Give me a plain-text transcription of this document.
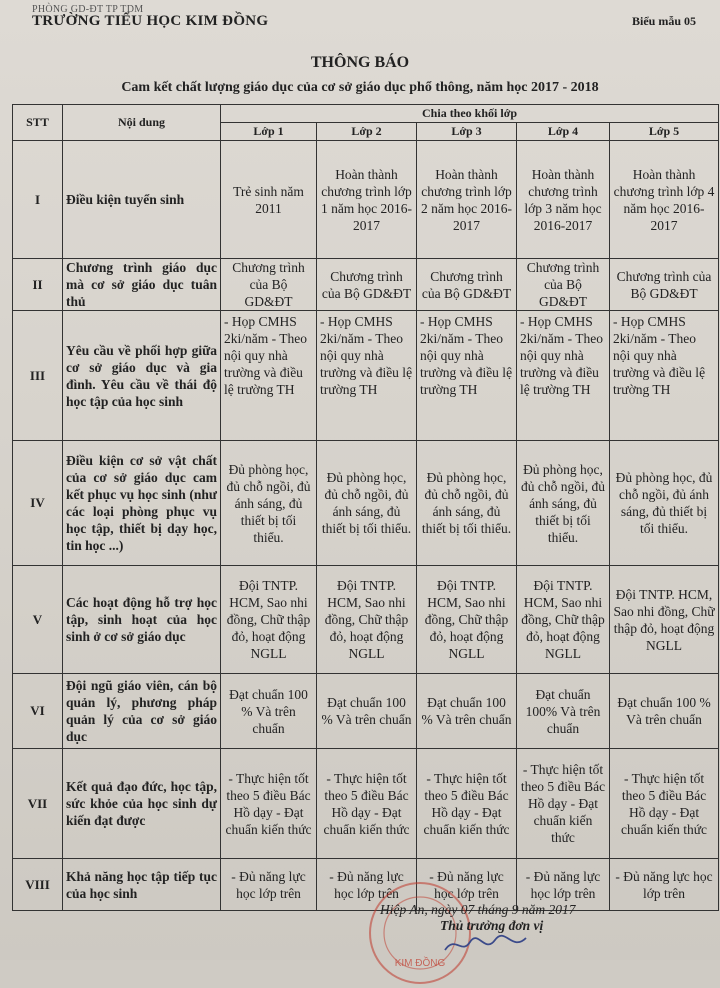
PHÒNG GD-ĐT TP TDM
TRƯỜNG TIỂU HỌC KIM ĐỒNG	Biểu mẫu 05
THÔNG BÁO
Cam kết chất lượng giáo dục của cơ sở giáo dục phổ thông, năm học 2017 - 2018
STT	Nội dung	Chia theo khối lớp				
		Lớp 1	Lớp 2	Lớp 3	Lớp 4	Lớp 5
I	Điều kiện tuyển sinh	Trẻ sinh năm 2011	Hoàn thành chương trình lớp 1 năm học 2016-2017	Hoàn thành chương trình lớp 2 năm học 2016-2017	Hoàn thành chương trình lớp 3 năm học 2016-2017	Hoàn thành chương trình lớp 4 năm học 2016-2017
II	Chương trình giáo dục mà cơ sở giáo dục tuân thủ	Chương trình của Bộ GD&ĐT	Chương trình của Bộ GD&ĐT	Chương trình của Bộ GD&ĐT	Chương trình của Bộ GD&ĐT	Chương trình của Bộ GD&ĐT
III	Yêu cầu về phối hợp giữa cơ sở giáo dục và gia đình. Yêu cầu về thái độ học tập của học sinh	- Họp CMHS 2ki/năm - Theo nội quy nhà trường và điều lệ trường TH	- Họp CMHS 2ki/năm - Theo nội quy nhà trường và điều lệ trường TH	- Họp CMHS 2ki/năm - Theo nội quy nhà trường và điều lệ trường TH	- Họp CMHS 2ki/năm - Theo nội quy nhà trường và điều lệ trường TH	- Họp CMHS 2ki/năm - Theo nội quy nhà trường và điều lệ trường TH
IV	Điều kiện cơ sở vật chất của cơ sở giáo dục cam kết phục vụ học sinh (như các loại phòng phục vụ học tập, thiết bị dạy học, tin học ...)	Đủ phòng học, đủ chỗ ngồi, đủ ánh sáng, đủ thiết bị tối thiểu.	Đủ phòng học, đủ chỗ ngồi, đủ ánh sáng, đủ thiết bị tối thiểu.	Đủ phòng học, đủ chỗ ngồi, đủ ánh sáng, đủ thiết bị tối thiểu.	Đủ phòng học, đủ chỗ ngồi, đủ ánh sáng, đủ thiết bị tối thiểu.	Đủ phòng học, đủ chỗ ngồi, đủ ánh sáng, đủ thiết bị tối thiểu.
V	Các hoạt động hỗ trợ học tập, sinh hoạt của học sinh ở cơ sở giáo dục	Đội TNTP. HCM, Sao nhi đồng, Chữ thập đỏ, hoạt động NGLL	Đội TNTP. HCM, Sao nhi đồng, Chữ thập đỏ, hoạt động NGLL	Đội TNTP. HCM, Sao nhi đồng, Chữ thập đỏ, hoạt động NGLL	Đội TNTP. HCM, Sao nhi đồng, Chữ thập đỏ, hoạt động NGLL	Đội TNTP. HCM, Sao nhi đồng, Chữ thập đỏ, hoạt động NGLL
VI	Đội ngũ giáo viên, cán bộ quản lý, phương pháp quản lý của cơ sở giáo dục	Đạt chuẩn 100 % Và trên chuẩn	Đạt chuẩn 100 % Và trên chuẩn	Đạt chuẩn 100 % Và trên chuẩn	Đạt chuẩn 100% Và trên chuẩn	Đạt chuẩn 100 % Và trên chuẩn
VII	Kết quả đạo đức, học tập, sức khỏe của học sinh dự kiến đạt được	- Thực hiện tốt theo 5 điều Bác Hồ dạy - Đạt chuẩn kiến thức	- Thực hiện tốt theo 5 điều Bác Hồ dạy - Đạt chuẩn kiến thức	- Thực hiện tốt theo 5 điều Bác Hồ dạy - Đạt chuẩn kiến thức	- Thực hiện tốt theo 5 điều Bác Hồ dạy - Đạt chuẩn kiến thức	- Thực hiện tốt theo 5 điều Bác Hồ dạy - Đạt chuẩn kiến thức
VIII	Khả năng học tập tiếp tục của học sinh	- Đủ năng lực học lớp trên	- Đủ năng lực học lớp trên	- Đủ năng lực học lớp trên	- Đủ năng lực học lớp trên	- Đủ năng lực học lớp trên
KIM ĐỒNG
Hiệp An, ngày 07 tháng 9 năm 2017
Thủ trưởng đơn vị
